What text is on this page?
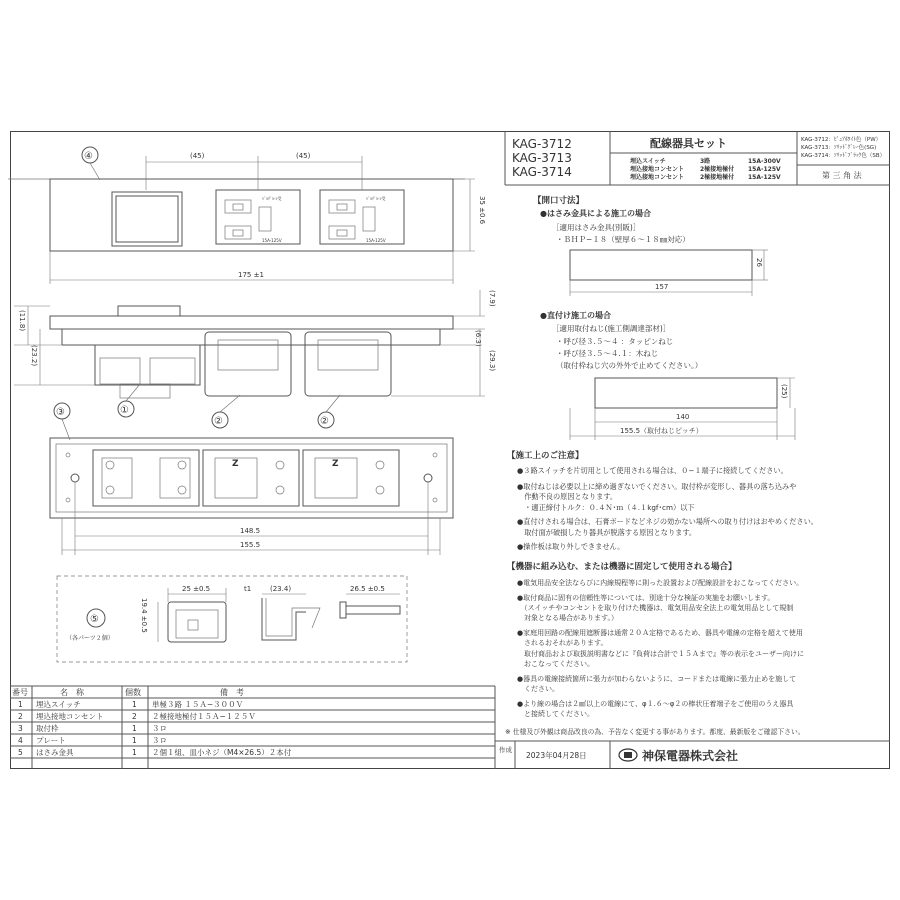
KAG-3712
KAG-3713
KAG-3714
配線器具セット
埋込スイッチ	3路	15A-300V
埋込接地コンセント	2極接地極付 15A-125V
埋込接地コンセント	2極接地極付 15A-125V
KAG-3712：ﾋﾟｭｱﾎﾜｲﾄ色（PW）
KAG-3713：ｿﾘｯﾄﾞｸﾞﾚｰ色(SG)
KAG-3714：ｿﾘｯﾄﾞﾌﾞﾗｯｸ色（SB）
第 三 角 法
ﾊﾞﾙﾃﾞﾙ-ｼ受
15A-125V
ﾊﾞﾙﾃﾞﾙ-ｼ受
15A-125V
④	(45)	(45)
35 ±0.6
175 ±1
(7.9)
(11.8)
(23.2)
(6.3)
(29.3)
①
②	②
Z	Z
③
148.5
155.5
⑤
（各パーツ２個）
25 ±0.5
19.4 ±0.5
t1	(23.4)	26.5 ±0.5
番号	名　称	個数	備　考
1 埋込スイッチ	1 単極３路 １５Ａ−３００Ｖ
2 埋込接地コンセント	2 ２極接地極付１５Ａ−１２５Ｖ
3 取付枠	1 ３ロ
4 プレート	1 ３ロ
5 はさみ金具	1 ２個１組、皿小ネジ（M4×26.5）２本付
【開口寸法】
●はさみ金具による施工の場合
［適用はさみ金具(別販)］
・ＢＨＰ−１８（壁厚６〜１８㎜対応）
157
26
●直付け施工の場合
［適用取付ねじ(施工側調達部材)］
・呼び径３.５〜４ ：タッピンねじ
・呼び径３.５〜４.１：木ねじ
（取付枠ねじ穴の外外で止めてください。）
140
155.5（取付ねじピッチ）
(25)
【施工上のご注意】
●３路スイッチを片切用として使用される場合は、０−１端子に接続してください。
●取付ねじは必要以上に締め過ぎないでください。取付枠が変形し、器具の落ち込みや
　作動不良の原因となります。
　・適正締付トルク：０.４Ｎ･ｍ（４.１kgf･cm）以下
●直付けされる場合は、石膏ボードなどネジの効かない場所への取り付けはおやめください。
　取付面が破損したり器具が脱落する原因となります。
●操作板は取り外しできません。
【機器に組み込む、または機器に固定して使用される場合】
●電気用品安全法ならびに内線規程等に則った設置および配線設計をおこなってください。
●取付商品に固有の信頼性等については、別途十分な検証の実施をお願いします。
　（スイッチやコンセントを取り付けた機器は、電気用品安全法上の電気用品として規制
　対象となる場合があります。）
●家庭用回路の配線用遮断器は通常２０Ａ定格であるため、器具や電線の定格を超えて使用
　されるおそれがあります。
　取付商品および取扱説明書などに『負荷は合計で１５Ａまで』等の表示をユーザー向けに
　おこなってください。
●器具の電線接続箇所に張力が加わらないように、コードまたは電線に張力止めを施して
　ください。
●より線の場合は２㎟以上の電線にて、φ１.６〜φ２の棒状圧着端子をご使用のうえ器具
　と接続してください。
※ 仕様及び外観は商品改良の為、予告なく変更する事があります。都度、最新版をご確認下さい。
作成
2023年04月28日	神保電器株式会社
